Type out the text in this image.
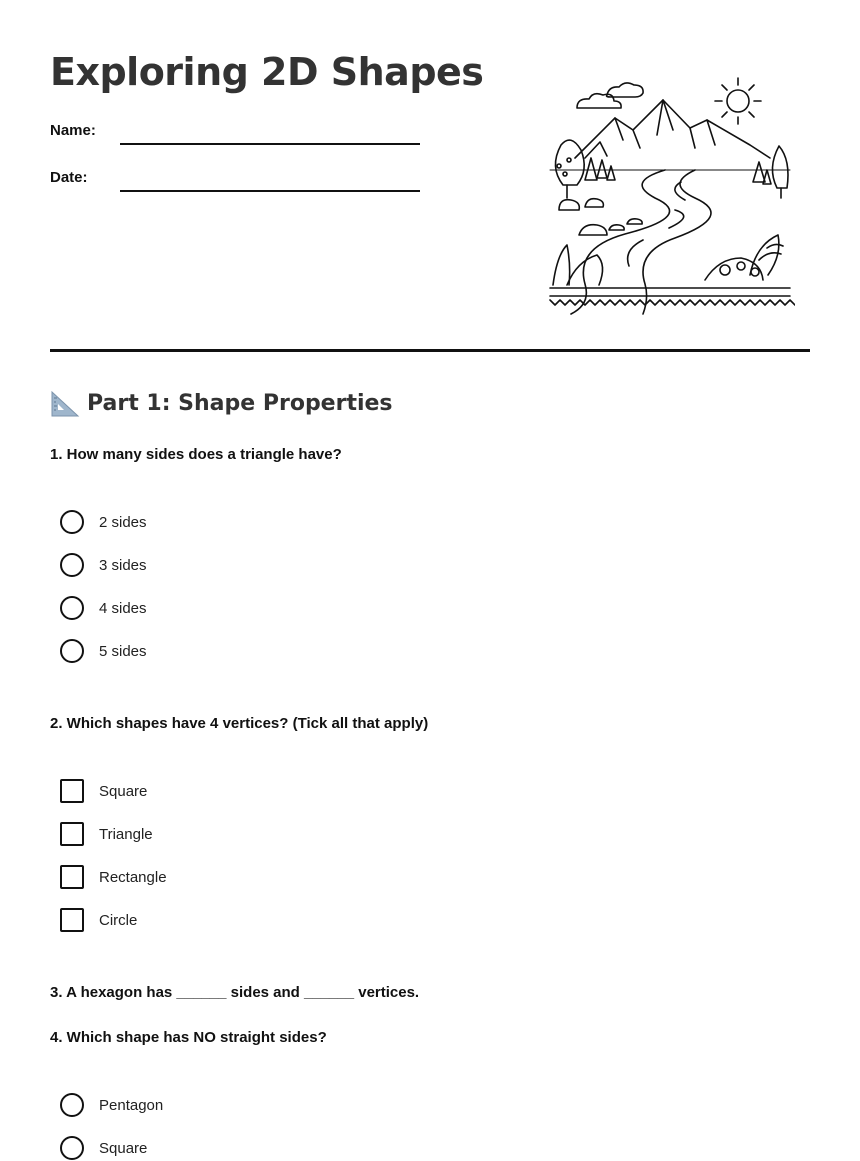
Exploring 2D Shapes
Name:
Date:
Part 1: Shape Properties
1. How many sides does a triangle have?
2 sides
3 sides
4 sides
5 sides
2. Which shapes have 4 vertices? (Tick all that apply)
Square
Triangle
Rectangle
Circle
3. A hexagon has ______ sides and ______ vertices.
4. Which shape has NO straight sides?
Pentagon
Square
